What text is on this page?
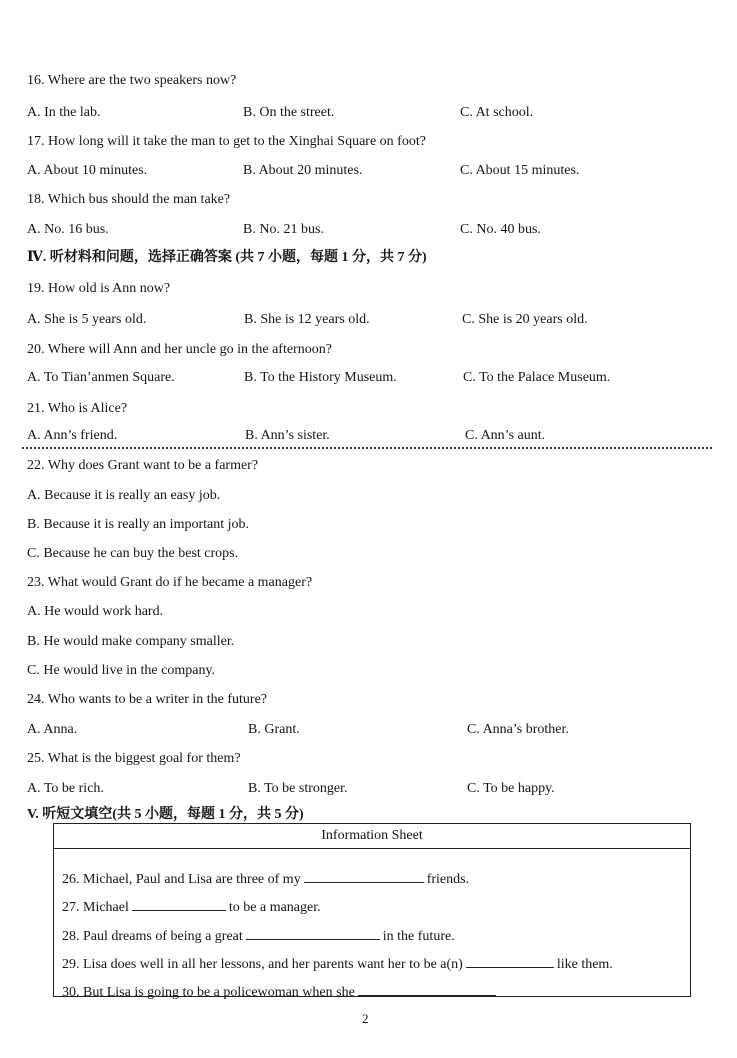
16. Where are the two speakers now?
A. In the lab.	B. On the street.	C. At school.
17. How long will it take the man to get to the Xinghai Square on foot?
A. About 10 minutes.	B. About 20 minutes.	C. About 15 minutes.
18. Which bus should the man take?
A. No. 16 bus.	B. No. 21 bus.	C. No. 40 bus.
Ⅳ. 听材料和问题，选择正确答案 (共 7 小题，每题 1 分，共 7 分)
19. How old is Ann now?
A. She is 5 years old.	B. She is 12 years old.	C. She is 20 years old.
20. Where will Ann and her uncle go in the afternoon?
A. To Tian’anmen Square.	B. To the History Museum.	C. To the Palace Museum.
21. Who is Alice?
A. Ann’s friend.	B. Ann’s sister.	C. Ann’s aunt.
22. Why does Grant want to be a farmer?
A. Because it is really an easy job.
B. Because it is really an important job.
C. Because he can buy the best crops.
23. What would Grant do if he became a manager?
A. He would work hard.
B. He would make company smaller.
C. He would live in the company.
24. Who wants to be a writer in the future?
A. Anna.	B. Grant.	C. Anna’s brother.
25. What is the biggest goal for them?
A. To be rich.	B. To be stronger.	C. To be happy.
V. 听短文填空(共 5 小题，每题 1 分，共 5 分)
Information Sheet
26. Michael, Paul and Lisa are three of my	friends.
27. Michael	to be a manager.
28. Paul dreams of being a great	in the future.
29. Lisa does well in all her lessons, and her parents want her to be a(n)	like them.
30. But Lisa is going to be a policewoman when she
2
